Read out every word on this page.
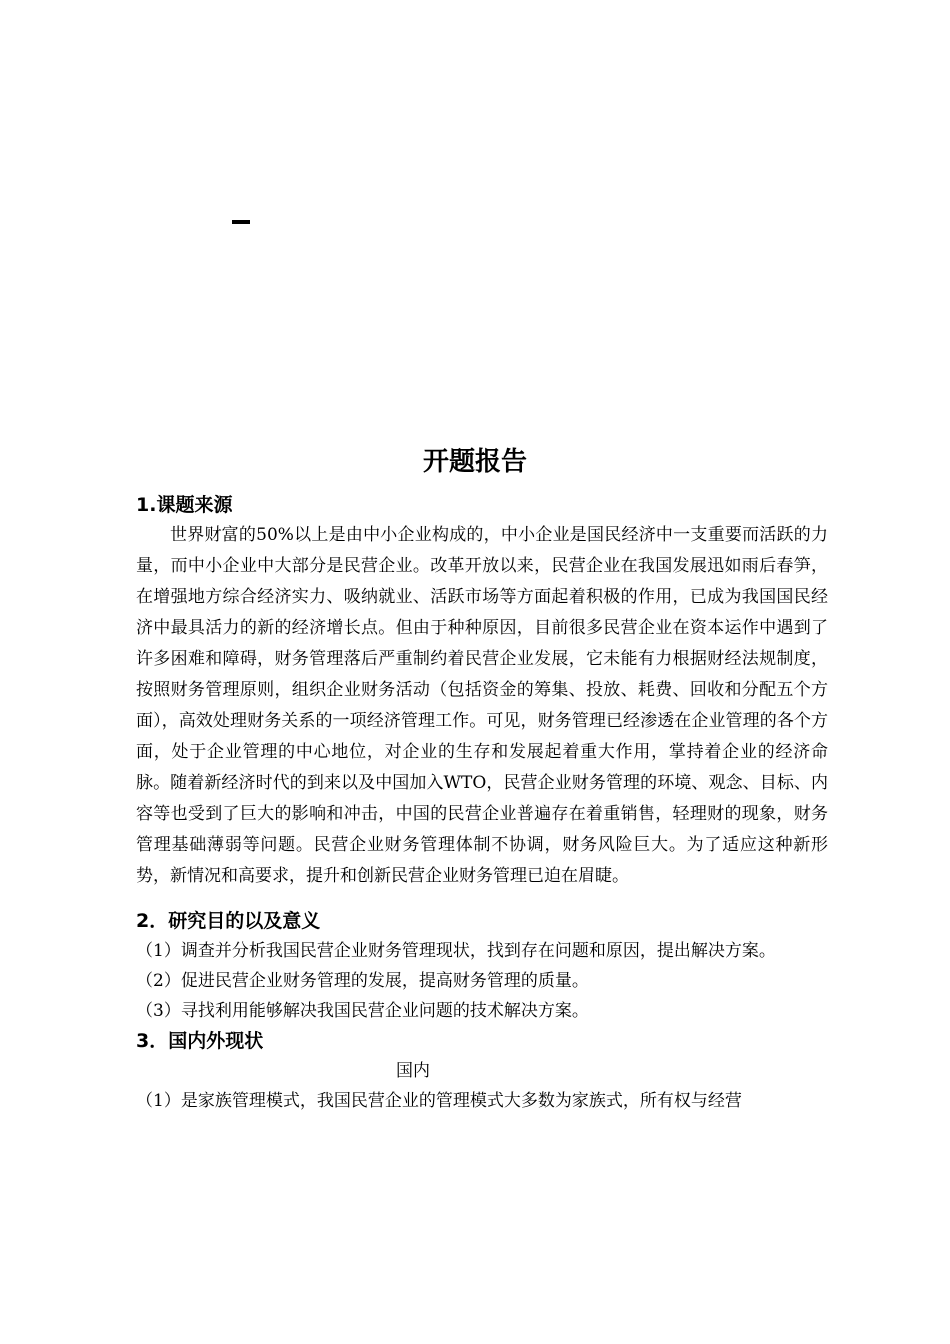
开题报告

1.课题来源

世界财富的50%以上是由中小企业构成的，中小企业是国民经济中一支重要而活跃的力量，而中小企业中大部分是民营企业。改革开放以来，民营企业在我国发展迅如雨后春笋，在增强地方综合经济实力、吸纳就业、活跃市场等方面起着积极的作用，已成为我国国民经济中最具活力的新的经济增长点。但由于种种原因，目前很多民营企业在资本运作中遇到了许多困难和障碍，财务管理落后严重制约着民营企业发展，它未能有力根据财经法规制度，按照财务管理原则，组织企业财务活动（包括资金的筹集、投放、耗费、回收和分配五个方面），高效处理财务关系的一项经济管理工作。可见，财务管理已经渗透在企业管理的各个方面，处于企业管理的中心地位，对企业的生存和发展起着重大作用，掌持着企业的经济命脉。随着新经济时代的到来以及中国加入WTO，民营企业财务管理的环境、观念、目标、内容等也受到了巨大的影响和冲击，中国的民营企业普遍存在着重销售，轻理财的现象，财务管理基础薄弱等问题。民营企业财务管理体制不协调，财务风险巨大。为了适应这种新形势，新情况和高要求，提升和创新民营企业财务管理已迫在眉睫。

2．研究目的以及意义

（1）调查并分析我国民营企业财务管理现状，找到存在问题和原因，提出解决方案。

（2）促进民营企业财务管理的发展，提高财务管理的质量。

（3）寻找利用能够解决我国民营企业问题的技术解决方案。

3．国内外现状

国内

（1）是家族管理模式，我国民营企业的管理模式大多数为家族式，所有权与经营
